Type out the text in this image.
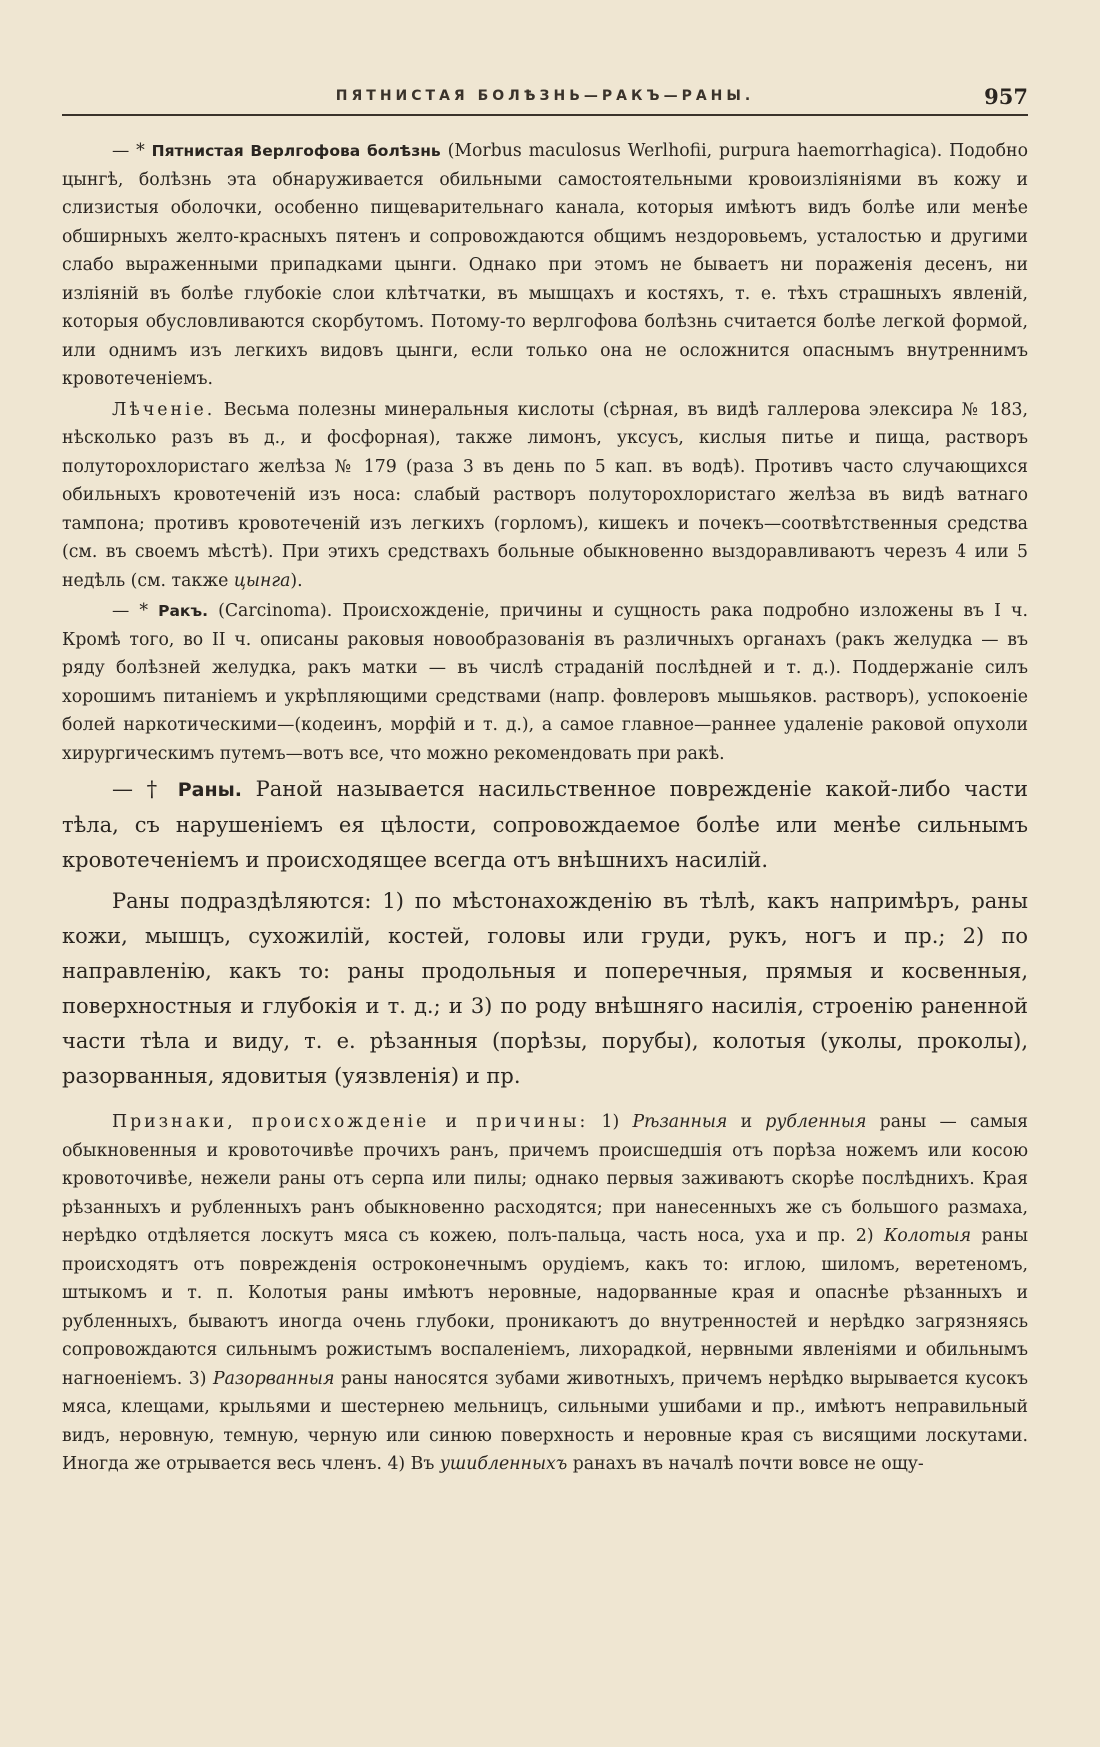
ПЯТНИСТАЯ БОЛѢЗНЬ—РАКЪ—РАНЫ.	957

— * Пятнистая Верлгофова болѣзнь (Morbus maculosus Werlhofii, purpura haemorrhagica). Подобно цынгѣ, болѣзнь эта обнаруживается обильными самостоятельными кровоизліяніями въ кожу и слизистыя оболочки, особенно пищеварительнаго канала, которыя имѣютъ видъ болѣе или менѣе обширныхъ желто-красныхъ пятенъ и сопровождаются общимъ нездоровьемъ, усталостью и другими слабо выраженными припадками цынги. Однако при этомъ не бываетъ ни пораженія деcенъ, ни изліяній въ болѣе глубокіе слои клѣтчатки, въ мышцахъ и костяхъ, т. е. тѣхъ страшныхъ явленій, которыя обусловливаются скорбутомъ. Потому-то верлгофова болѣзнь считается болѣе легкой формой, или однимъ изъ легкихъ видовъ цынги, если только она не осложнится опаснымъ внутреннимъ кровотеченіемъ.

Лѣченіе. Весьма полезны минеральныя кислоты (сѣрная, въ видѣ галлерова элексира № 183, нѣсколько разъ въ д., и фосфорная), также лимонъ, уксусъ, кислыя питье и пища, растворъ полуторохлористаго желѣза № 179 (раза 3 въ день по 5 кап. въ водѣ). Противъ часто случающихся обильныхъ кровотеченій изъ носа: слабый растворъ полуторохлористаго желѣза въ видѣ ватнаго тампона; противъ кровотеченій изъ легкихъ (горломъ), кишекъ и почекъ—соотвѣтственныя средства (см. въ своемъ мѣстѣ). При этихъ средствахъ больные обыкновенно выздоравливаютъ черезъ 4 или 5 недѣль (см. также цынга).

— * Ракъ. (Carcinoma). Происхожденіе, причины и сущность рака подробно изложены въ I ч. Кромѣ того, во II ч. описаны раковыя новообразованія въ различныхъ органахъ (ракъ желудка — въ ряду болѣзней желудка, ракъ матки — въ числѣ страданій послѣдней и т. д.). Поддержаніе силъ хорошимъ питаніемъ и укрѣпляющими средствами (напр. фовлеровъ мышьяков. растворъ), успокоеніе болей наркотическими—(кодеинъ, морфій и т. д.), а самое главное—раннее удаленіе раковой опухоли хирургическимъ путемъ—вотъ все, что можно рекомендовать при ракѣ.

— † Раны. Раной называется насильственное поврежденіе какой-либо части тѣла, съ нарушеніемъ ея цѣлости, сопровождаемое болѣе или менѣе сильнымъ кровотеченіемъ и происходящее всегда отъ внѣшнихъ насилій.

Раны подраздѣляются: 1) по мѣстонахожденію въ тѣлѣ, какъ напримѣръ, раны кожи, мышцъ, сухожилій, костей, головы или груди, рукъ, ногъ и пр.; 2) по направленію, какъ то: раны продольныя и поперечныя, прямыя и косвенныя, поверхностныя и глубокія и т. д.; и 3) по роду внѣшняго насилія, строенію раненной части тѣла и виду, т. е. рѣзанныя (порѣзы, порубы), колотыя (уколы, проколы), разорванныя, ядовитыя (уязвленія) и пр.

Признаки, происхожденіе и причины: 1) Рѣзанныя и рубленныя раны — самыя обыкновенныя и кровоточивѣе прочихъ ранъ, причемъ происшедшія отъ порѣза ножемъ или косою кровоточивѣе, нежели раны отъ серпа или пилы; однако первыя заживаютъ скорѣе послѣднихъ. Края рѣзанныхъ и рубленныхъ ранъ обыкновенно расходятся; при нанесенныхъ же съ большого размаха, нерѣдко отдѣляется лоскутъ мяса съ кожею, полъ-пальца, часть носа, уха и пр. 2) Колотыя раны происходятъ отъ поврежденія остроконечнымъ орудіемъ, какъ то: иглою, шиломъ, веретеномъ, штыкомъ и т. п. Колотыя раны имѣютъ неровные, надорванные края и опаснѣе рѣзанныхъ и рубленныхъ, бываютъ иногда очень глубоки, проникаютъ до внутренностей и нерѣдко загрязняясь сопровождаются сильнымъ рожистымъ воспаленіемъ, лихорадкой, нервными явленіями и обильнымъ нагноеніемъ. 3) Разорванныя раны наносятся зубами животныхъ, причемъ нерѣдко вырывается кусокъ мяса, клещами, крыльями и шестернею мельницъ, сильными ушибами и пр., имѣютъ неправильный видъ, неровную, темную, черную или синюю поверхность и неровные края съ висящими лоскутами. Иногда же отрывается весь членъ. 4) Въ ушибленныхъ ранахъ въ началѣ почти вовсе не ощу-
